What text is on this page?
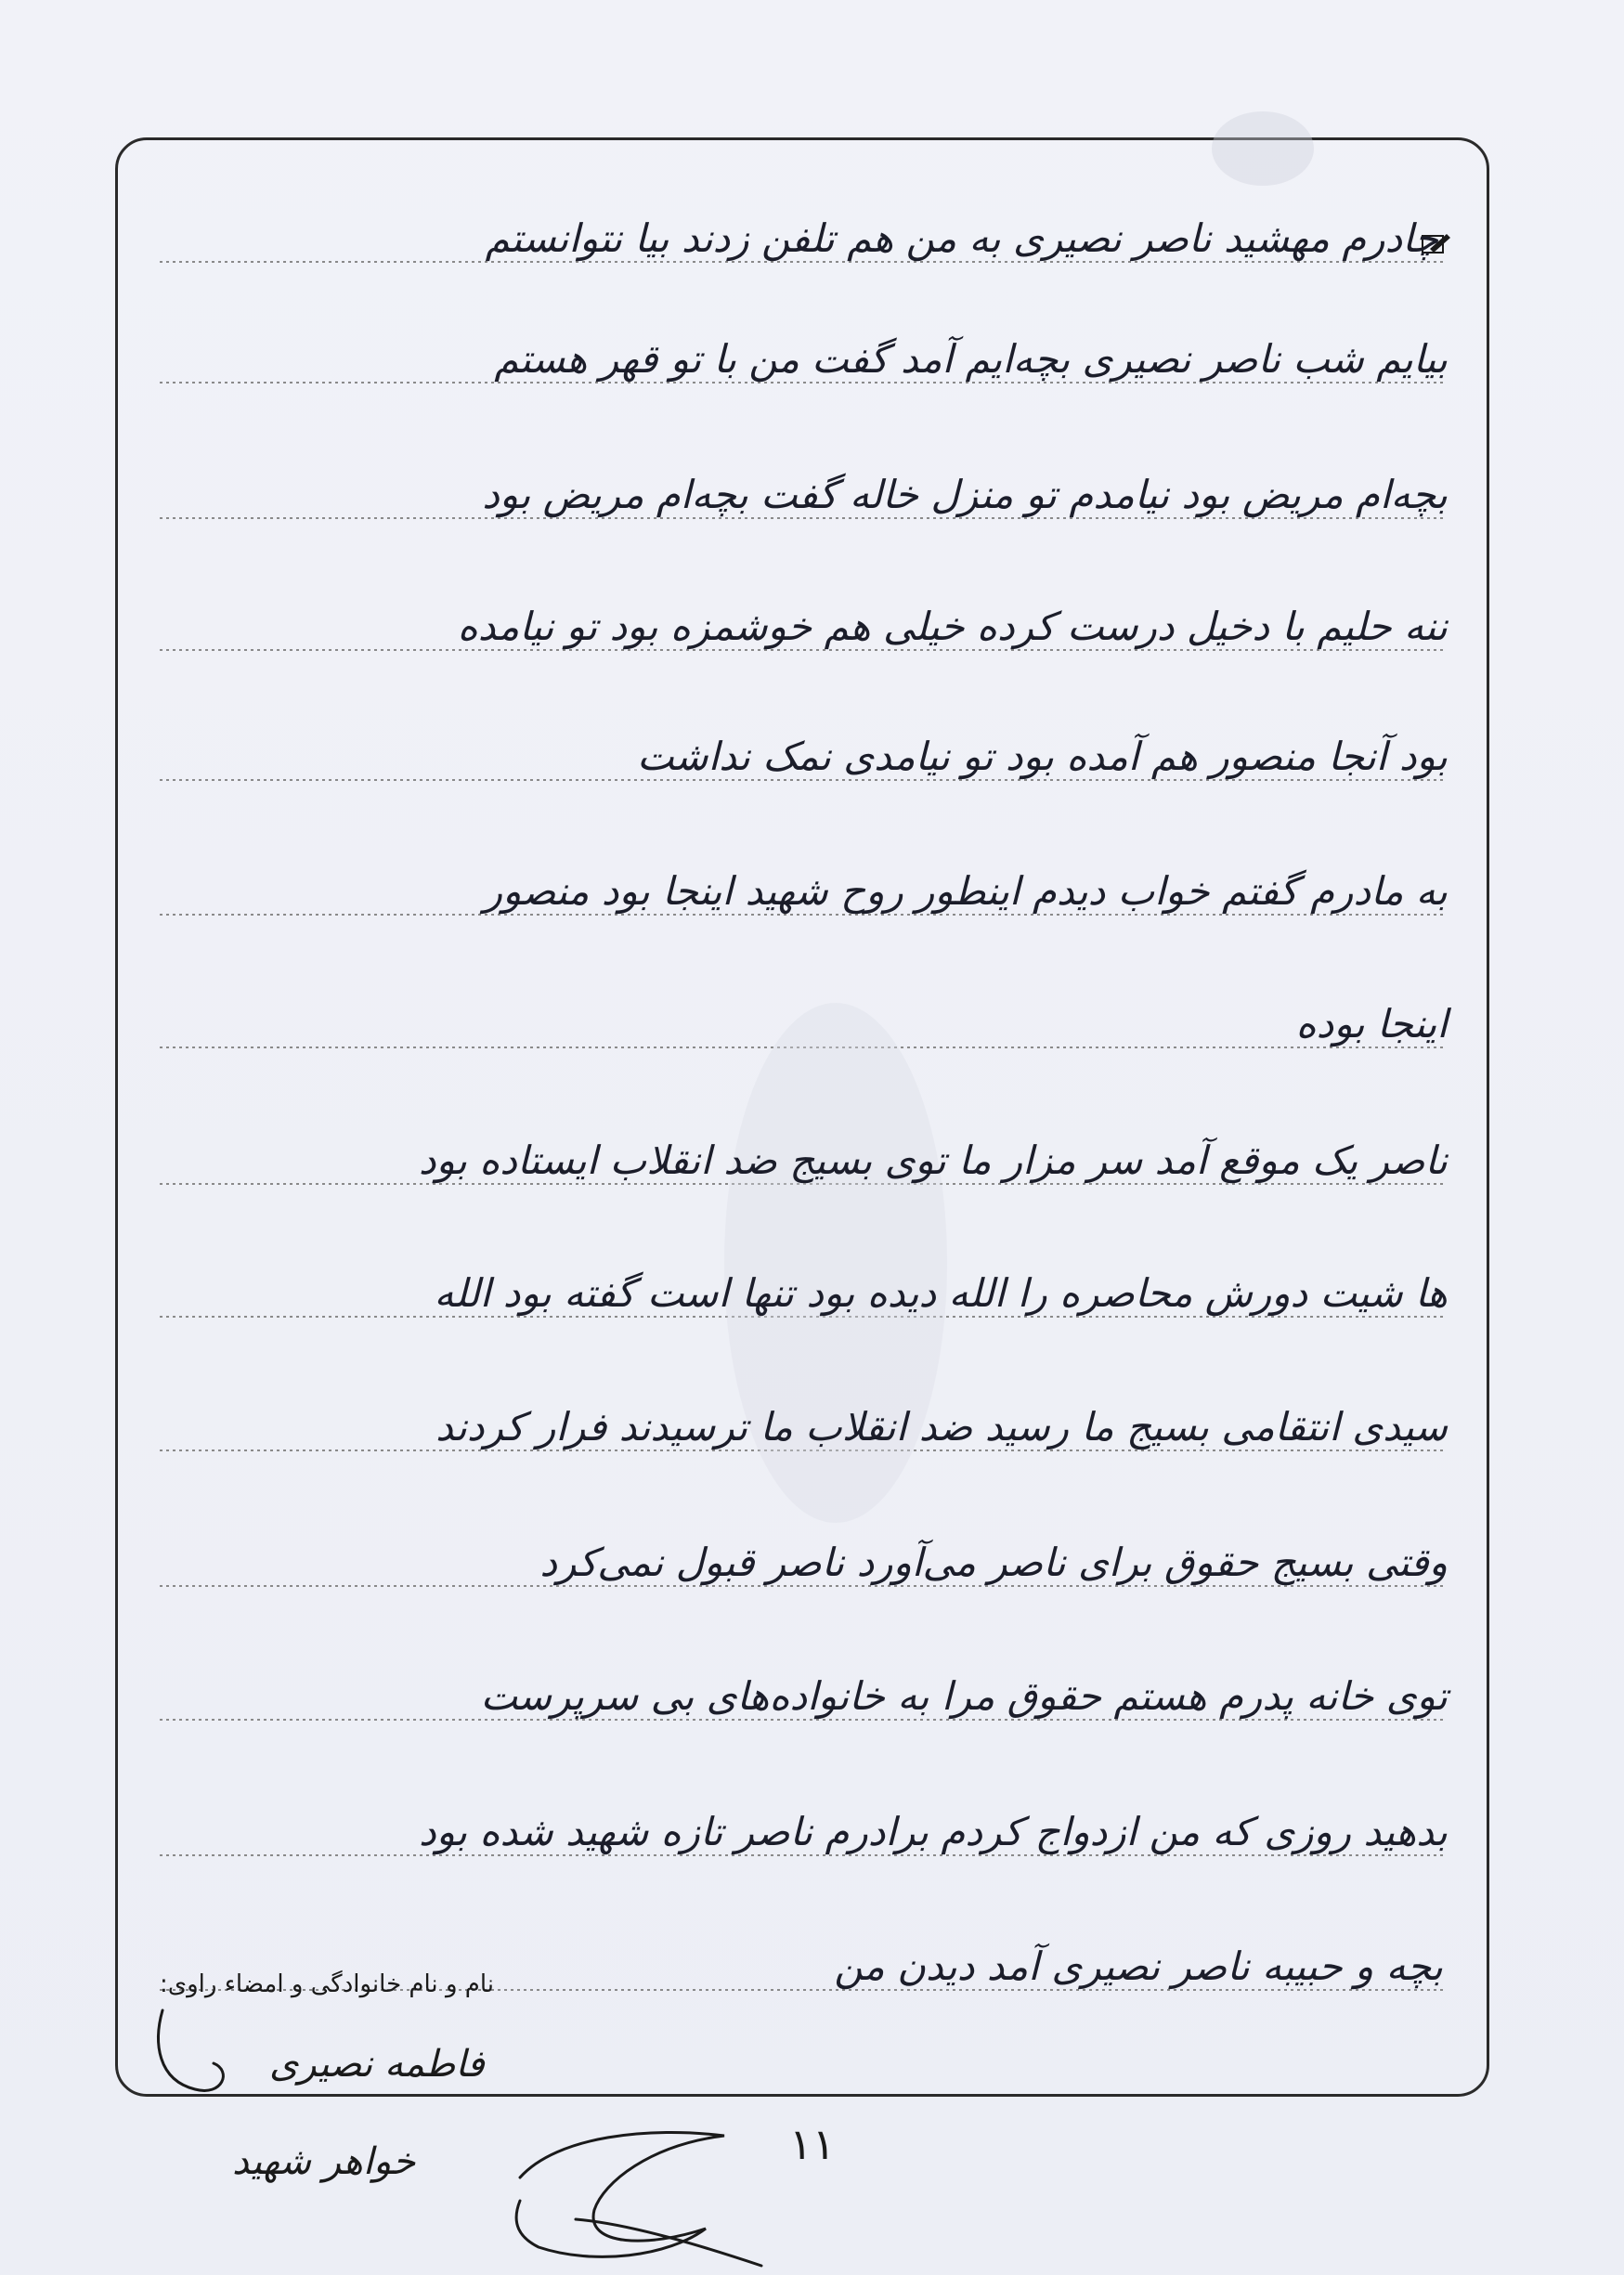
چادرم مهشید ناصر نصیری به من هم تلفن زدند بیا نتوانستم
بیایم شب ناصر نصیری بچه‌ایم آمد گفت من با تو قهر هستم
بچه‌ام مریض بود نیامدم تو منزل خاله گفت بچه‌ام مریض بود
ننه حلیم با دخیل درست کرده خیلی هم خوشمزه بود تو نیامده
بود آنجا منصور هم آمده بود تو نیامدی نمک نداشت
به مادرم گفتم خواب دیدم اینطور روح شهید اینجا بود منصور
اینجا بوده
ناصر یک موقع آمد سر مزار ما توی بسیج ضد انقلاب ایستاده بود
ها شیت دورش محاصره را الله دیده بود تنها است گفته بود الله
سیدی انتقامی بسیج ما رسید ضد انقلاب ما ترسیدند فرار کردند
وقتی بسیج حقوق برای ناصر می‌آورد ناصر قبول نمی‌کرد
توی خانه پدرم هستم حقوق مرا به خانواده‌های بی سرپرست
بدهید روزی که من ازدواج کردم برادرم ناصر تازه شهید شده بود
بچه و حبیبه ناصر نصیری آمد دیدن من
نام و نام خانوادگی و امضاء راوی:
فاطمه نصیری
خواهر شهید	۱۱
